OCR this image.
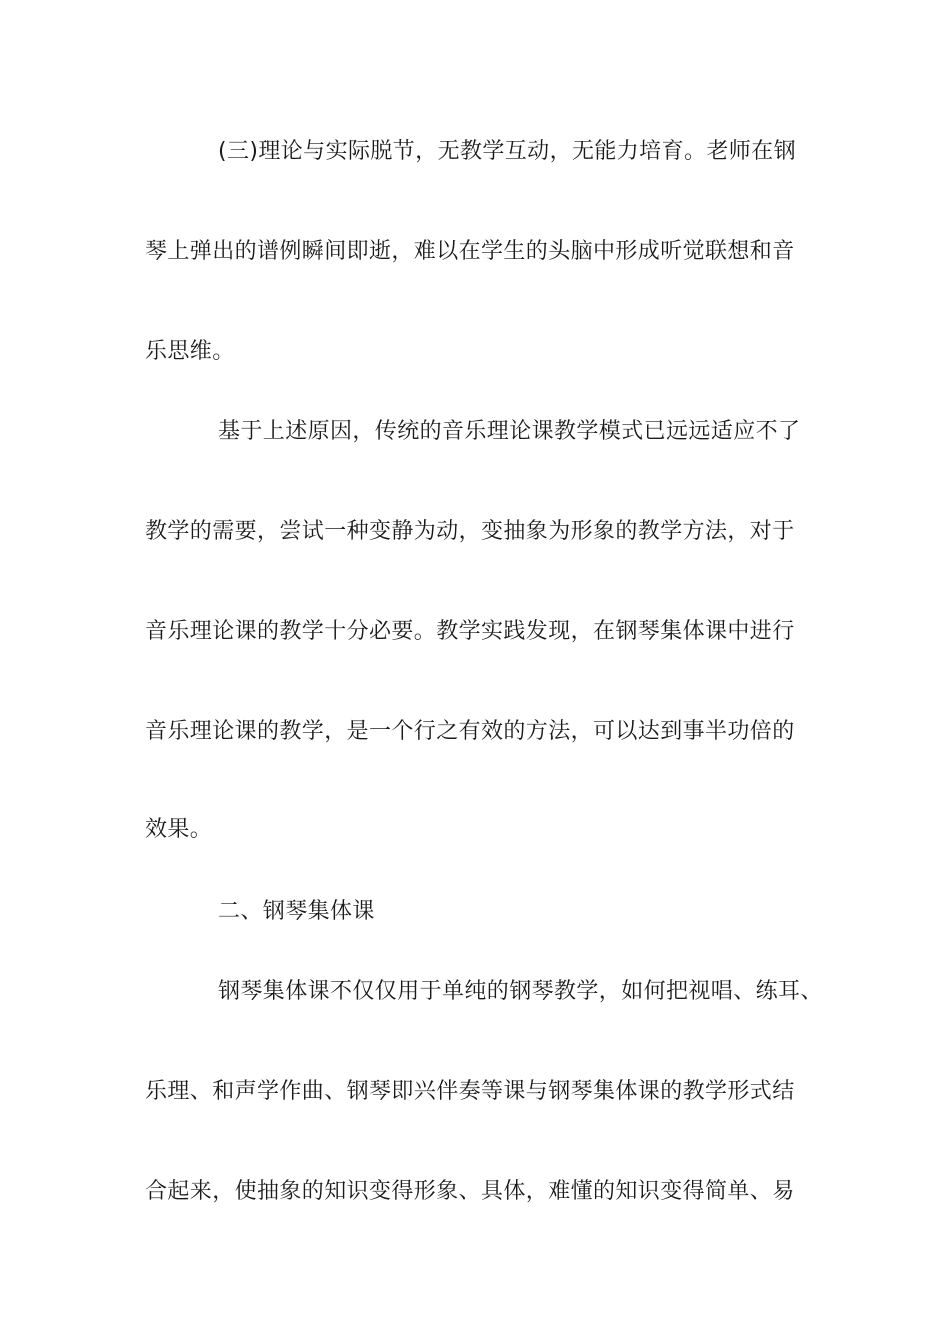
(三)理论与实际脱节，无教学互动，无能力培育。老师在钢
琴上弹出的谱例瞬间即逝，难以在学生的头脑中形成听觉联想和音
乐思维。
基于上述原因，传统的音乐理论课教学模式已远远适应不了
教学的需要，尝试一种变静为动，变抽象为形象的教学方法，对于
音乐理论课的教学十分必要。教学实践发现，在钢琴集体课中进行
音乐理论课的教学，是一个行之有效的方法，可以达到事半功倍的
效果。
二、钢琴集体课
钢琴集体课不仅仅用于单纯的钢琴教学，如何把视唱、练耳、
乐理、和声学作曲、钢琴即兴伴奏等课与钢琴集体课的教学形式结
合起来，使抽象的知识变得形象、具体，难懂的知识变得简单、易
